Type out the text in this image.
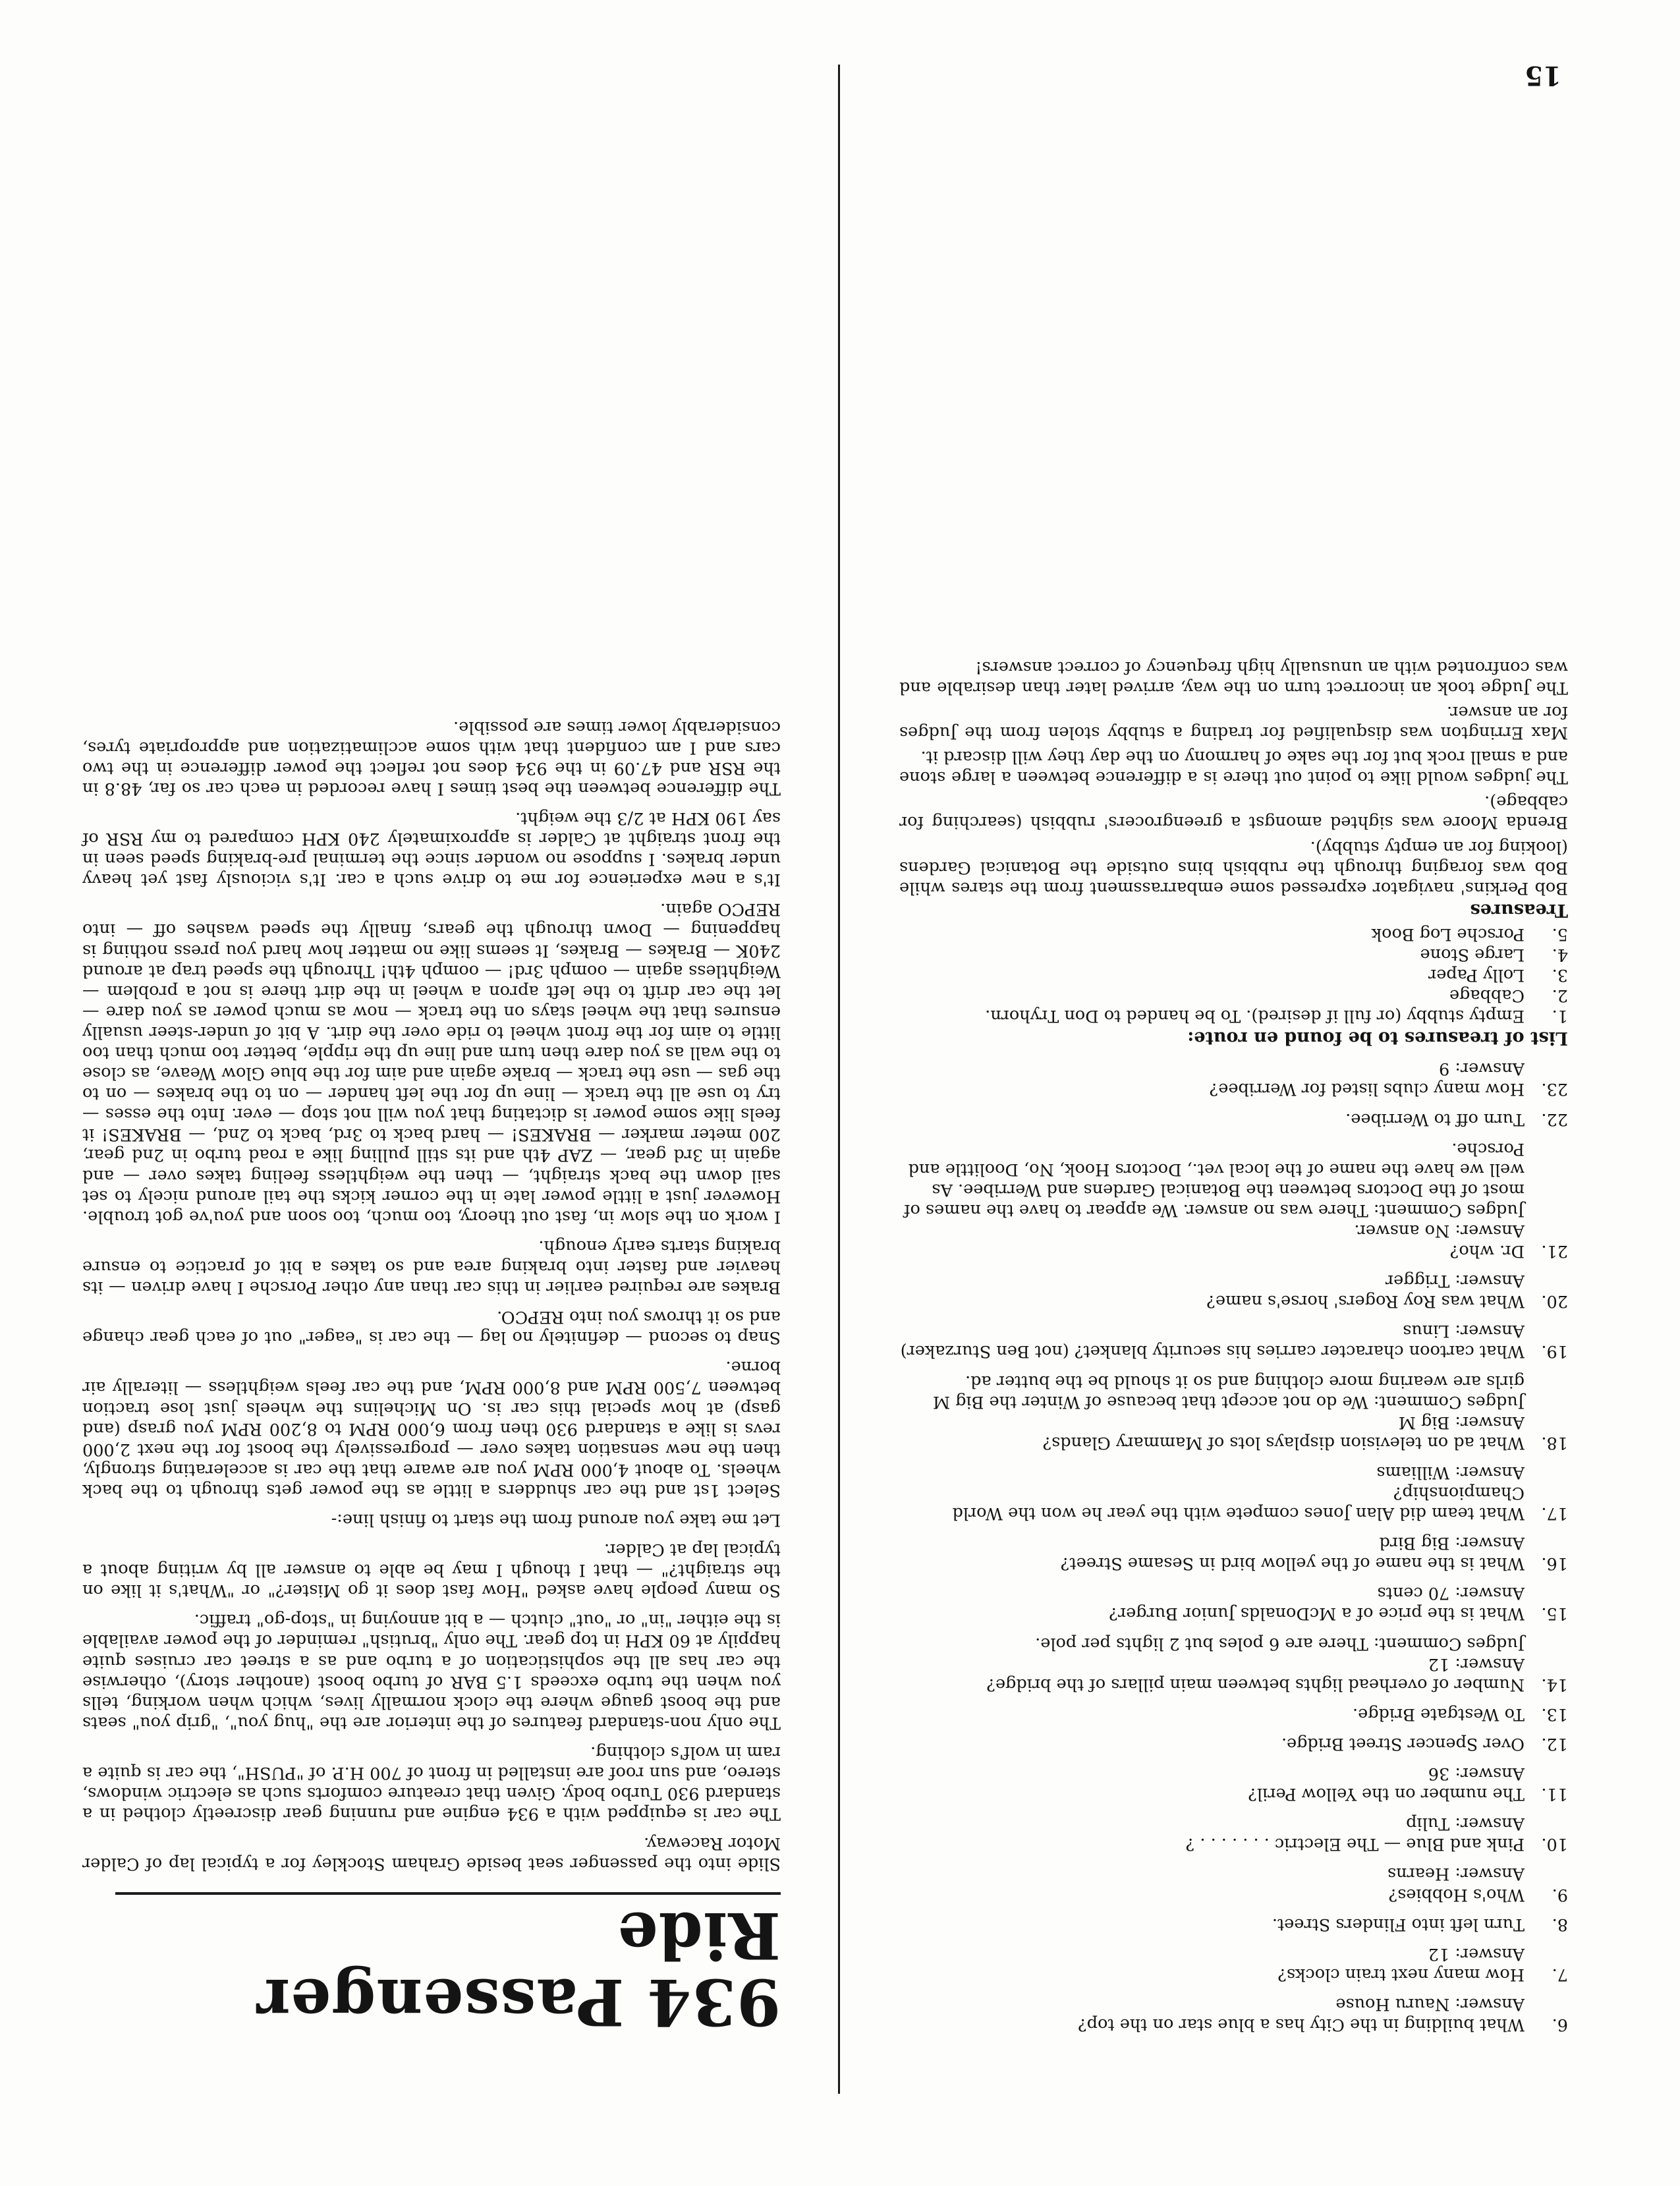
6.
What building in the City has a blue star on the top?
Answer: Nauru House
7.
How many next train clocks?
Answer: 12
8.
Turn left into Flinders Street.
9.
Who's Hobbies?
Answer: Hearns
10.
Pink and Blue — The Electric . . . . . . . ?
Answer: Tulip
11.
The number on the Yellow Peril?
Answer: 36
12.
Over Spencer Street Bridge.
13.
To Westgate Bridge.
14.
Number of overhead lights between main pillars of the bridge?
Answer: 12
Judges Comment: There are 6 poles but 2 lights per pole.
15.
What is the price of a McDonalds Junior Burger?
Answer: 70 cents
16.
What is the name of the yellow bird in Sesame Street?
Answer: Big Bird
17.
What team did Alan Jones compete with the year he won the World Championship?
Answer: Williams
18.
What ad on television displays lots of Mammary Glands?
Answer: Big M
Judges Comment: We do not accept that because of Winter the Big M girls are wearing more clothing and so it should be the butter ad.
19.
What cartoon character carries his security blanket? (not Ben Sturzaker)
Answer: Linus
20.
What was Roy Rogers' horse's name?
Answer: Trigger
21.
Dr. who?
Answer: No answer.
Judges Comment: There was no answer. We appear to have the names of most of the Doctors between the Botanical Gardens and Werribee. As well we have the name of the local vet., Doctors Hook, No, Doolittle and Porsche.
22.
Turn off to Werribee.
23.
How many clubs listed for Werribee?
Answer: 9
List of treasures to be found en route:
1.
Empty stubby (or full if desired). To be handed to Don Tryhorn.
2.
Cabbage
3.
Lolly Paper
4.
Large Stone
5.
Porsche Log Book
Treasures

Bob Perkins' navigator expressed some embarrassment from the stares while Bob was foraging through the rubbish bins outside the Botanical Gardens (looking for an empty stubby).

Brenda Moore was sighted amongst a greengrocers' rubbish (searching for cabbage).

The judges would like to point out there is a difference between a large stone and a small rock but for the sake of harmony on the day they will discard it.

Max Errington was disqualified for trading a stubby stolen from the Judges for an answer.

The Judge took an incorrect turn on the way, arrived later than desirable and was confronted with an unusually high frequency of correct answers!

934 Passenger Ride

Slide into the passenger seat beside Graham Stockley for a typical lap of Calder Motor Raceway.

The car is equipped with a 934 engine and running gear discreetly clothed in a standard 930 Turbo body. Given that creature comforts such as electric windows, stereo, and sun roof are installed in front of 700 H.P. of "PUSH", the car is quite a ram in wolf's clothing.

The only non-standard features of the interior are the "hug you", "grip you" seats and the boost gauge where the clock normally lives, which when working, tells you when the turbo exceeds 1.5 BAR of turbo boost (another story), otherwise the car has all the sophistication of a turbo and as a street car cruises quite happily at 60 KPH in top gear. The only "brutish" reminder of the power available is the either "in" or "out" clutch — a bit annoying in "stop-go" traffic.

So many people have asked "How fast does it go Mister?" or "What's it like on the straight?" — that I though I may be able to answer all by writing about a typical lap at Calder.

Let me take you around from the start to finish line:-

Select 1st and the car shudders a little as the power gets through to the back wheels. To about 4,000 RPM you are aware that the car is accelerating strongly, then the new sensation takes over — progressively the boost for the next 2,000 revs is like a standard 930 then from 6,000 RPM to 8,200 RPM you grasp (and gasp) at how special this car is. On Michelins the wheels just lose traction between 7,500 RPM and 8,000 RPM, and the car feels weightless — literally air borne.

Snap to second — definitely no lag — the car is "eager" out of each gear change and so it throws you into REPCO.

Brakes are required earlier in this car than any other Porsche I have driven — its heavier and faster into braking area and so takes a bit of practice to ensure braking starts early enough.

I work on the slow in, fast out theory, too much, too soon and you've got trouble. However just a little power late in the corner kicks the tail around nicely to set sail down the back straight, — then the weightless feeling takes over — and again in 3rd gear, — ZAP 4th and its still pulling like a road turbo in 2nd gear, 200 meter marker — BRAKES! — hard back to 3rd, back to 2nd, — BRAKES! it feels like some power is dictating that you will not stop — ever. Into the esses — try to use all the track — line up for the left hander — on to the brakes — on to the gas — use the track — brake again and aim for the blue Glow Weave, as close to the wall as you dare then turn and line up the ripple, better too much than too little to aim for the front wheel to ride over the dirt. A bit of under-steer usually ensures that the wheel stays on the track — now as much power as you dare — let the car drift to the left apron a wheel in the dirt there is not a problem — Weightless again — oomph 3rd! — oomph 4th! Through the speed trap at around 240K — Brakes — Brakes, It seems like no matter how hard you press nothing is happening — Down through the gears, finally the speed washes off — into REPCO again.

It's a new experience for me to drive such a car. It's viciously fast yet heavy under brakes. I suppose no wonder since the terminal pre-braking speed seen in the front straight at Calder is approximately 240 KPH compared to my RSR of say 190 KPH at 2/3 the weight.

The difference between the best times I have recorded in each car so far, 48.8 in the RSR and 47.09 in the 934 does not reflect the power difference in the two cars and I am confident that with some acclimatization and appropriate tyres, considerably lower times are possible.

15
